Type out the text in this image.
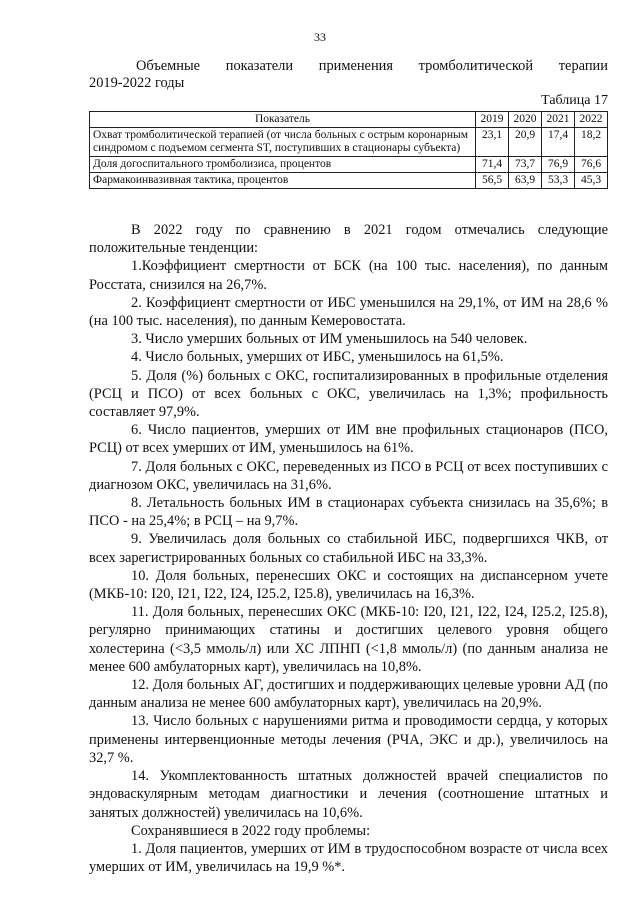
33
Объемные показатели применения тромболитической терапии
2019-2022 годы
Таблица 17
Показатель	2019	2020	2021	2022
Охват тромболитической терапией (от числа больных с острым коронарным синдромом с подъемом сегмента ST, поступивших в стационары субъекта)	23,1	20,9	17,4	18,2
Доля догоспитального тромболизиса, процентов	71,4	73,7	76,9	76,6
Фармакоинвазивная тактика, процентов	56,5	63,9	53,3	45,3

В 2022 году по сравнению в 2021 годом отмечались следующие положительные тенденции:

1.Коэффициент смертности от БСК (на 100 тыс. населения), по данным Росстата, снизился на 26,7%.

2. Коэффициент смертности от ИБС уменьшился на 29,1%, от ИМ на 28,6 % (на 100 тыс. населения), по данным Кемеровостата.

3. Число умерших больных от ИМ уменьшилось на 540 человек.

4. Число больных, умерших от ИБС, уменьшилось на 61,5%.

5. Доля (%) больных с ОКС, госпитализированных в профильные отделения (РСЦ и ПСО) от всех больных с ОКС, увеличилась на 1,3%; профильность составляет 97,9%.

6. Число пациентов, умерших от ИМ вне профильных стационаров (ПСО, РСЦ) от всех умерших от ИМ, уменьшилось на 61%.

7. Доля больных с ОКС, переведенных из ПСО в РСЦ от всех поступивших с диагнозом ОКС, увеличилась на 31,6%.

8. Летальность больных ИМ в стационарах субъекта снизилась на 35,6%; в ПСО - на 25,4%; в РСЦ – на 9,7%.

9. Увеличилась доля больных со стабильной ИБС, подвергшихся ЧКВ, от всех зарегистрированных больных со стабильной ИБС на 33,3%.

10. Доля больных, перенесших ОКС и состоящих на диспансерном учете (МКБ-10: I20, I21, I22, I24, I25.2, I25.8), увеличилась на 16,3%.

11. Доля больных, перенесших ОКС (МКБ-10: I20, I21, I22, I24, I25.2, I25.8), регулярно принимающих статины и достигших целевого уровня общего холестерина (<3,5 ммоль/л) или ХС ЛПНП (<1,8 ммоль/л) (по данным анализа не менее 600 амбулаторных карт), увеличилась на 10,8%.

12. Доля больных АГ, достигших и поддерживающих целевые уровни АД (по данным анализа не менее 600 амбулаторных карт), увеличилась на 20,9%.

13. Число больных с нарушениями ритма и проводимости сердца, у которых применены интервенционные методы лечения (РЧА, ЭКС и др.), увеличилось на 32,7 %.

14. Укомплектованность штатных должностей врачей специалистов по эндоваскулярным методам диагностики и лечения (соотношение штатных и занятых должностей) увеличилась на 10,6%.

Сохранявшиеся в 2022 году проблемы:

1. Доля пациентов, умерших от ИМ в трудоспособном возрасте от числа всех умерших от ИМ, увеличилась на 19,9 %*.
